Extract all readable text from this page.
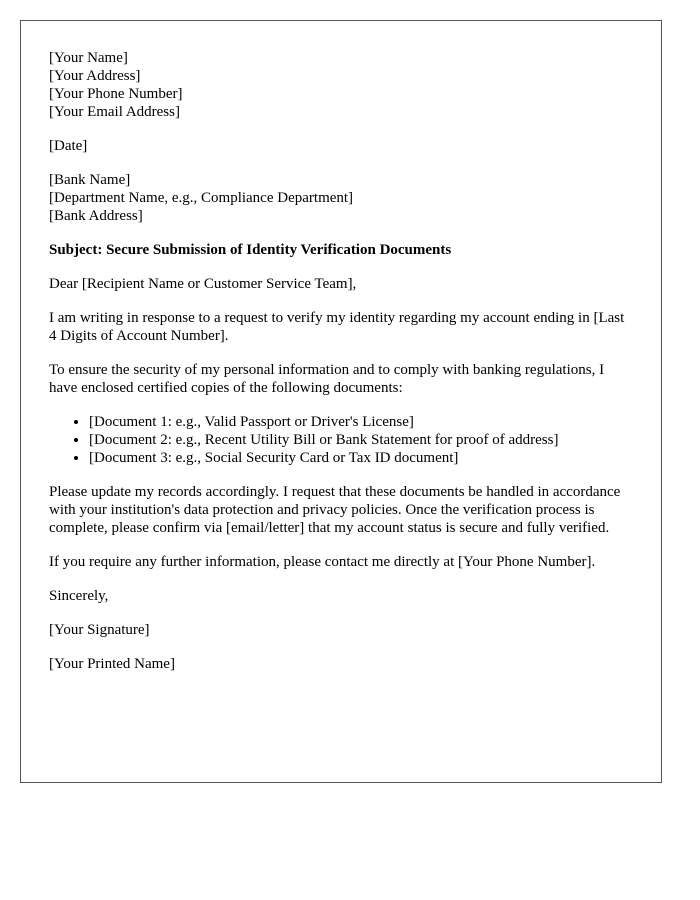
[Your Name]
[Your Address]
[Your Phone Number]
[Your Email Address]

[Date]

[Bank Name]
[Department Name, e.g., Compliance Department]
[Bank Address]

Subject: Secure Submission of Identity Verification Documents

Dear [Recipient Name or Customer Service Team],

I am writing in response to a request to verify my identity regarding my account ending in [Last 4 Digits of Account Number].

To ensure the security of my personal information and to comply with banking regulations, I have enclosed certified copies of the following documents:

• [Document 1: e.g., Valid Passport or Driver's License]
• [Document 2: e.g., Recent Utility Bill or Bank Statement for proof of address]
• [Document 3: e.g., Social Security Card or Tax ID document]

Please update my records accordingly. I request that these documents be handled in accordance with your institution's data protection and privacy policies. Once the verification process is complete, please confirm via [email/letter] that my account status is secure and fully verified.

If you require any further information, please contact me directly at [Your Phone Number].

Sincerely,

[Your Signature]

[Your Printed Name]
